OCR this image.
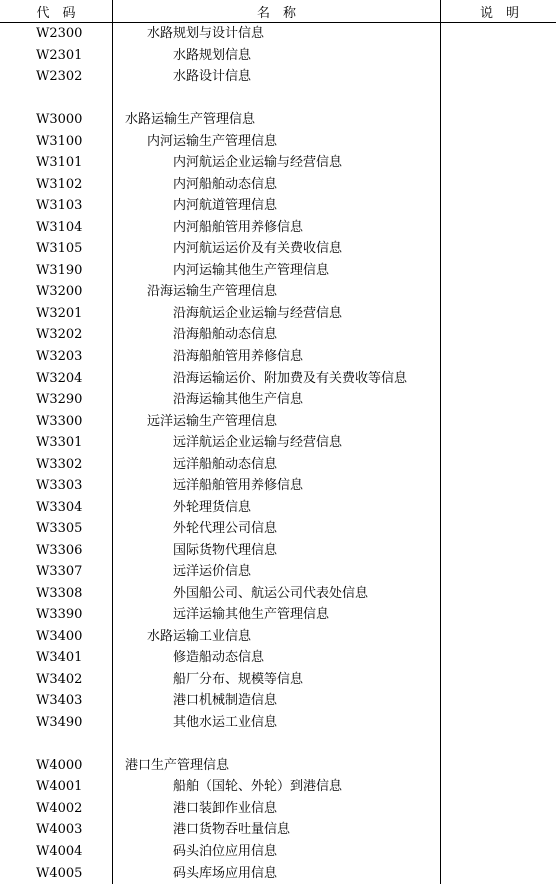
代　码	名　称	说　明
W2300	水路规划与设计信息	
W2301	水路规划信息	
W2302	水路设计信息	

W3000	水路运输生产管理信息	
W3100	内河运输生产管理信息	
W3101	内河航运企业运输与经营信息	
W3102	内河船舶动态信息	
W3103	内河航道管理信息	
W3104	内河船舶管用养修信息	
W3105	内河航运运价及有关费收信息	
W3190	内河运输其他生产管理信息	
W3200	沿海运输生产管理信息	
W3201	沿海航运企业运输与经营信息	
W3202	沿海船舶动态信息	
W3203	沿海船舶管用养修信息	
W3204	沿海运输运价、附加费及有关费收等信息	
W3290	沿海运输其他生产信息	
W3300	远洋运输生产管理信息	
W3301	远洋航运企业运输与经营信息	
W3302	远洋船舶动态信息	
W3303	远洋船舶管用养修信息	
W3304	外轮理货信息	
W3305	外轮代理公司信息	
W3306	国际货物代理信息	
W3307	远洋运价信息	
W3308	外国船公司、航运公司代表处信息	
W3390	远洋运输其他生产管理信息	
W3400	水路运输工业信息	
W3401	修造船动态信息	
W3402	船厂分布、规模等信息	
W3403	港口机械制造信息	
W3490	其他水运工业信息	

W4000	港口生产管理信息	
W4001	船舶（国轮、外轮）到港信息	
W4002	港口装卸作业信息	
W4003	港口货物吞吐量信息	
W4004	码头泊位应用信息	
W4005	码头库场应用信息	
